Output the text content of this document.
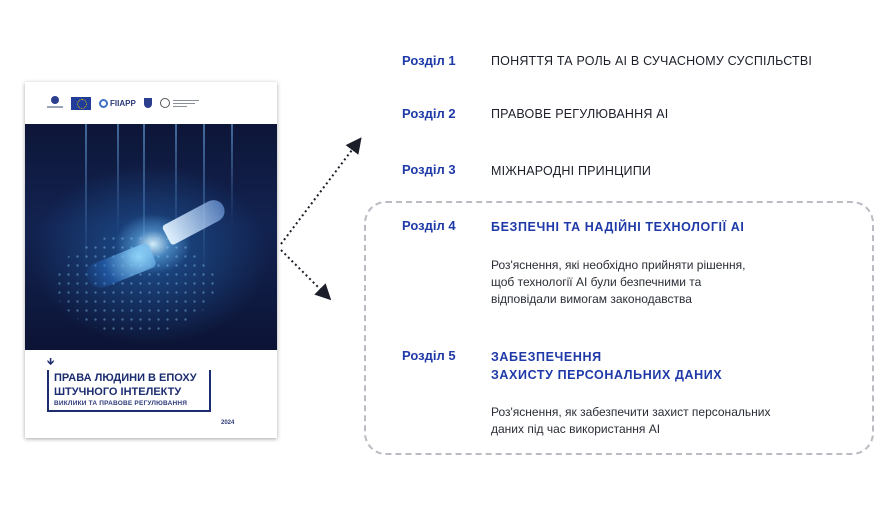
FIIAPP
🡻
ПРАВА ЛЮДИНИ В ЕПОХУ
ШТУЧНОГО ІНТЕЛЕКТУ
ВИКЛИКИ ТА ПРАВОВЕ РЕГУЛЮВАННЯ
2024
Розділ 1	ПОНЯТТЯ ТА РОЛЬ АІ В СУЧАСНОМУ СУСПІЛЬСТВІ
Розділ 2	ПРАВОВЕ РЕГУЛЮВАННЯ АІ
Розділ 3	МІЖНАРОДНІ ПРИНЦИПИ
Розділ 4	БЕЗПЕЧНІ ТА НАДІЙНІ ТЕХНОЛОГІЇ АІ
Роз'яснення, які необхідно прийняти рішення,
щоб технології АІ були безпечними та
відповідали вимогам законодавства
Розділ 5	ЗАБЕЗПЕЧЕННЯ
ЗАХИСТУ ПЕРСОНАЛЬНИХ ДАНИХ
Роз'яснення, як забезпечити захист персональних
даних під час використання АІ
